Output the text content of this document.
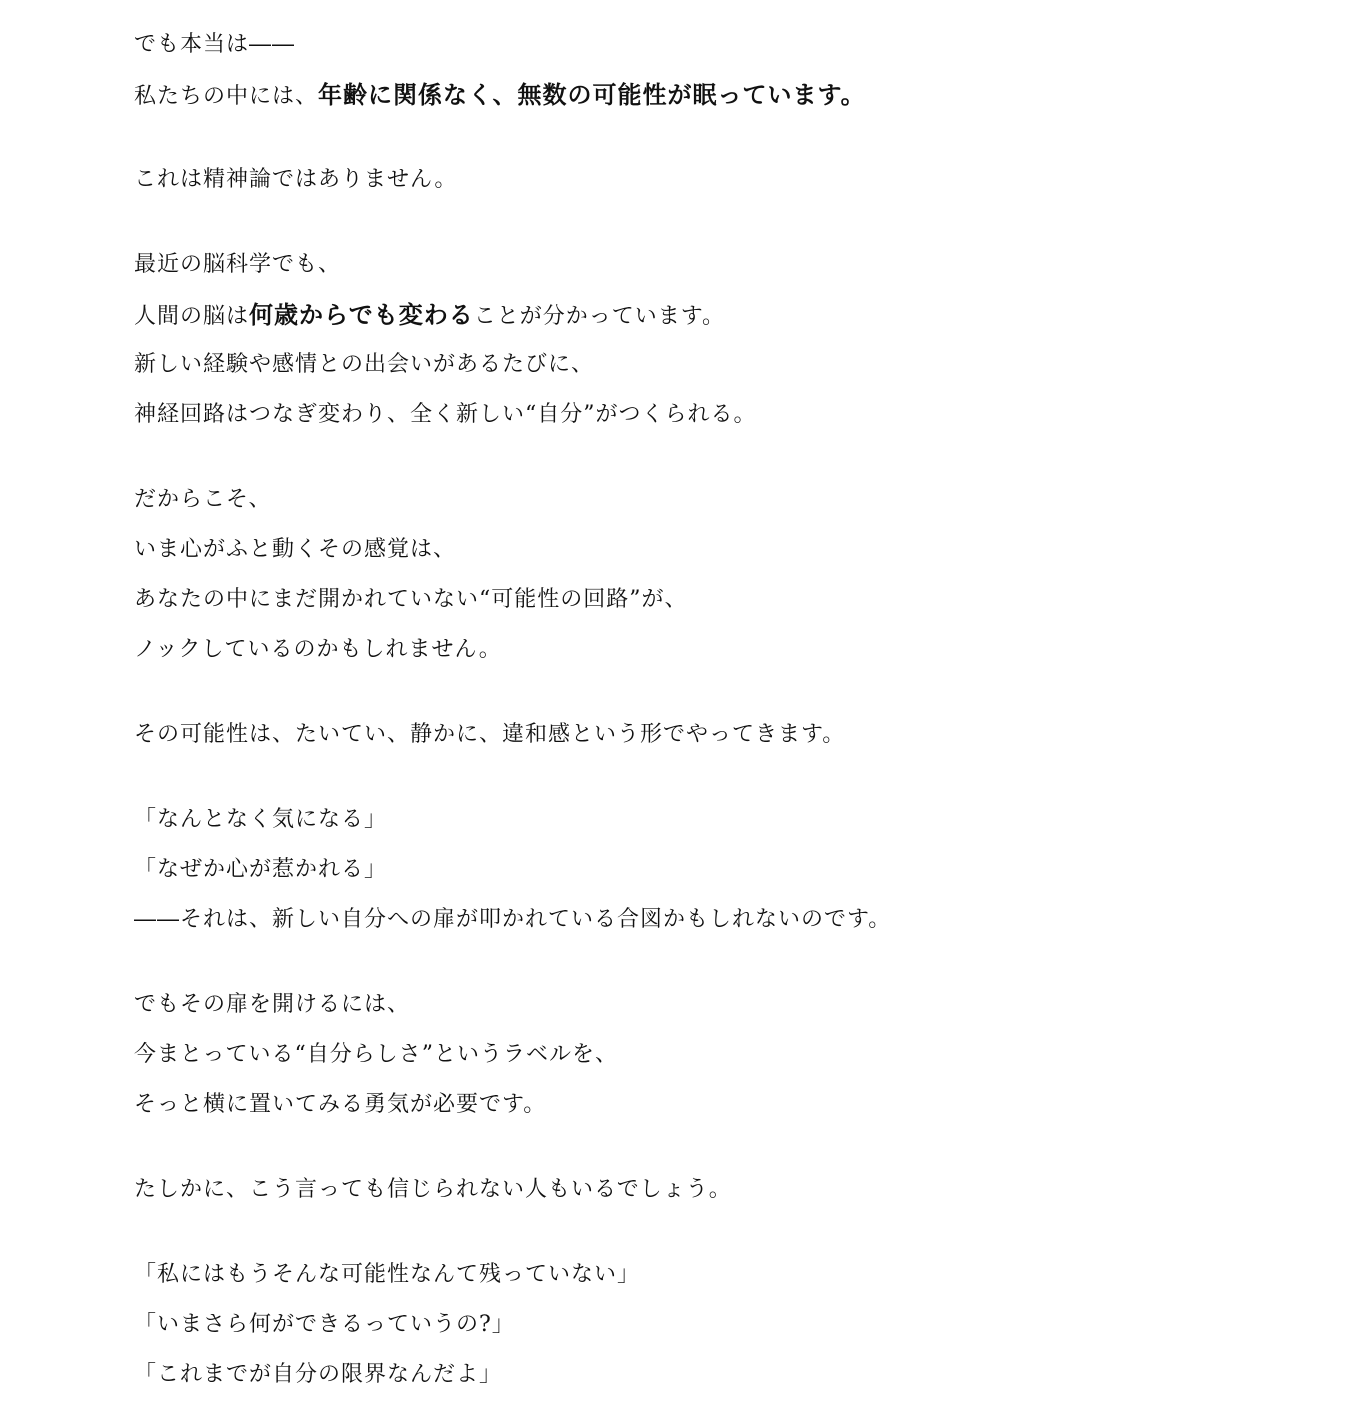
でも本当は――
私たちの中には、年齢に関係なく、無数の可能性が眠っています。
これは精神論ではありません。
最近の脳科学でも、
人間の脳は何歳からでも変わることが分かっています。
新しい経験や感情との出会いがあるたびに、
神経回路はつなぎ変わり、全く新しい“自分”がつくられる。
だからこそ、
いま心がふと動くその感覚は、
あなたの中にまだ開かれていない“可能性の回路”が、
ノックしているのかもしれません。
その可能性は、たいてい、静かに、違和感という形でやってきます。
「なんとなく気になる」
「なぜか心が惹かれる」
――それは、新しい自分への扉が叩かれている合図かもしれないのです。
でもその扉を開けるには、
今まとっている“自分らしさ”というラベルを、
そっと横に置いてみる勇気が必要です。
たしかに、こう言っても信じられない人もいるでしょう。
「私にはもうそんな可能性なんて残っていない」
「いまさら何ができるっていうの?」
「これまでが自分の限界なんだよ」
